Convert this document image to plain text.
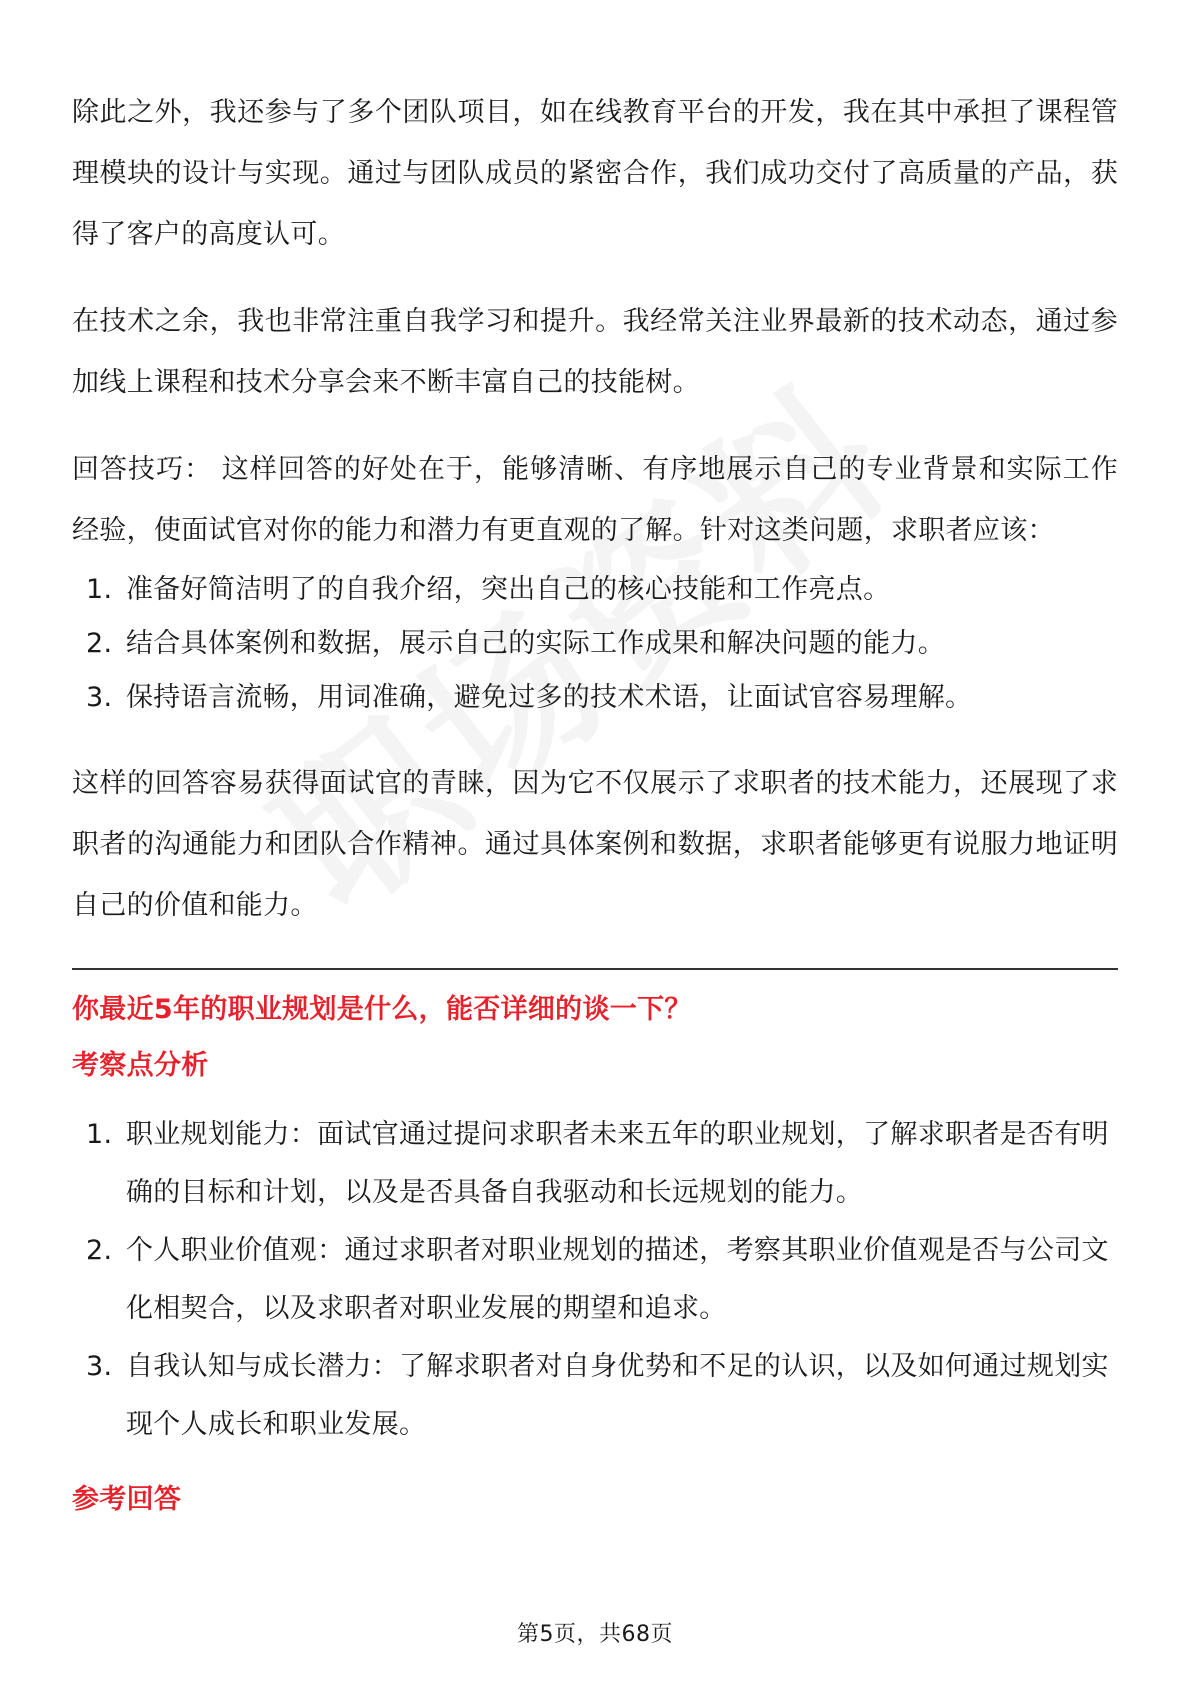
除此之外，我还参与了多个团队项目，如在线教育平台的开发，我在其中承担了课程管理模块的设计与实现。通过与团队成员的紧密合作，我们成功交付了高质量的产品，获得了客户的高度认可。

在技术之余，我也非常注重自我学习和提升。我经常关注业界最新的技术动态，通过参加线上课程和技术分享会来不断丰富自己的技能树。

回答技巧： 这样回答的好处在于，能够清晰、有序地展示自己的专业背景和实际工作经验，使面试官对你的能力和潜力有更直观的了解。针对这类问题，求职者应该：

1. 准备好简洁明了的自我介绍，突出自己的核心技能和工作亮点。
2. 结合具体案例和数据，展示自己的实际工作成果和解决问题的能力。
3. 保持语言流畅，用词准确，避免过多的技术术语，让面试官容易理解。

这样的回答容易获得面试官的青睐，因为它不仅展示了求职者的技术能力，还展现了求职者的沟通能力和团队合作精神。通过具体案例和数据，求职者能够更有说服力地证明自己的价值和能力。

你最近5年的职业规划是什么，能否详细的谈一下？
考察点分析
1. 职业规划能力：面试官通过提问求职者未来五年的职业规划，了解求职者是否有明确的目标和计划，以及是否具备自我驱动和长远规划的能力。
2. 个人职业价值观：通过求职者对职业规划的描述，考察其职业价值观是否与公司文化相契合，以及求职者对职业发展的期望和追求。
3. 自我认知与成长潜力：了解求职者对自身优势和不足的认识，以及如何通过规划实现个人成长和职业发展。
参考回答
第5页，共68页
